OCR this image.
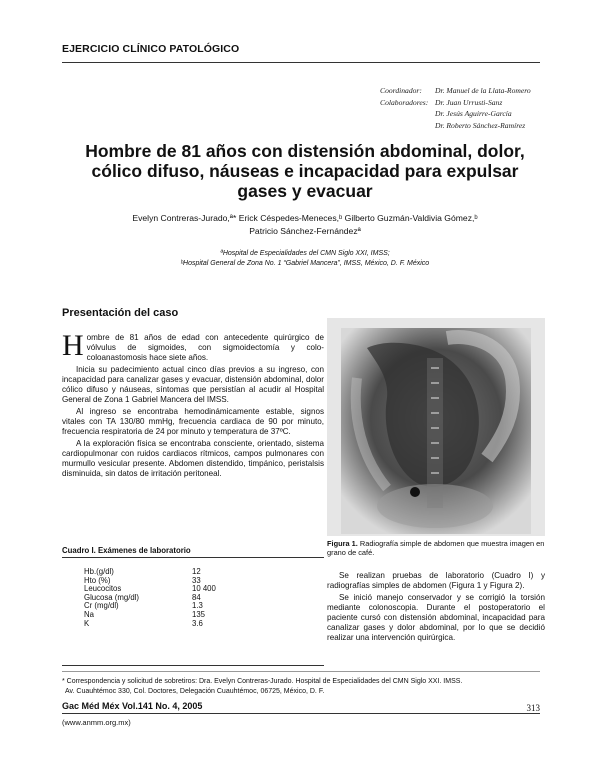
EJERCICIO CLÍNICO PATOLÓGICO
Coordinador:	Dr. Manuel de la Llata-Romero
Colaboradores: Dr. Juan Urrusti-Sanz
Dr. Jesús Aguirre-García
Dr. Roberto Sánchez-Ramírez
Hombre de 81 años con distensión abdominal, dolor, cólico difuso, náuseas e incapacidad para expulsar gases y evacuar
Evelyn Contreras-Jurado,ª* Erick Céspedes-Meneces,ᵇ Gilberto Guzmán-Valdivia Gómez,ᵇ
Patricio Sánchez-Fernándezª

ªHospital de Especialidades del CMN Siglo XXI, IMSS;

ᵇHospital General de Zona No. 1 “Gabriel Mancera”, IMSS, México, D. F. México

Presentación del caso

Hombre de 81 años de edad con antecedente quirúrgico de vólvulus de sigmoides, con sigmoidectomía y colo-coloanastomosis hace siete años.

Inicia su padecimiento actual cinco días previos a su ingreso, con incapacidad para canalizar gases y evacuar, distensión abdominal, dolor cólico difuso y náuseas, síntomas que persistían al acudir al Hospital General de Zona 1 Gabriel Mancera del IMSS.

Al ingreso se encontraba hemodinámicamente estable, signos vitales con TA 130/80 mmHg, frecuencia cardiaca de 90 por minuto, frecuencia respiratoria de 24 por minuto y temperatura de 37ºC.

A la exploración física se encontraba consciente, orientado, sistema cardiopulmonar con ruidos cardiacos rítmicos, campos pulmonares con murmullo vesicular presente. Abdomen distendido, timpánico, peristalsis disminuida, sin datos de irritación peritoneal.

Figura 1. Radiografía simple de abdomen que muestra imagen en grano de café.

Se realizan pruebas de laboratorio (Cuadro I) y radiografías simples de abdomen (Figura 1 y Figura 2).

Se inició manejo conservador y se corrigió la torsión mediante colonoscopia. Durante el postoperatorio el paciente cursó con distensión abdominal, incapacidad para canalizar gases y dolor abdominal, por lo que se decidió realizar una intervención quirúrgica.

Cuadro I. Exámenes de laboratorio
Hb.(g/dl)	12
Hto (%)	33
Leucocitos	10 400
Glucosa (mg/dl)	84
Cr (mg/dl)	1.3
Na	135
K	3.6

* Correspondencia y solicitud de sobretiros: Dra. Evelyn Contreras-Jurado. Hospital de Especialidades del CMN Siglo XXI. IMSS.

Av. Cuauhtémoc 330, Col. Doctores, Delegación Cuauhtémoc, 06725, México, D. F.

Gac Méd Méx Vol.141 No. 4, 2005	313
(www.anmm.org.mx)
